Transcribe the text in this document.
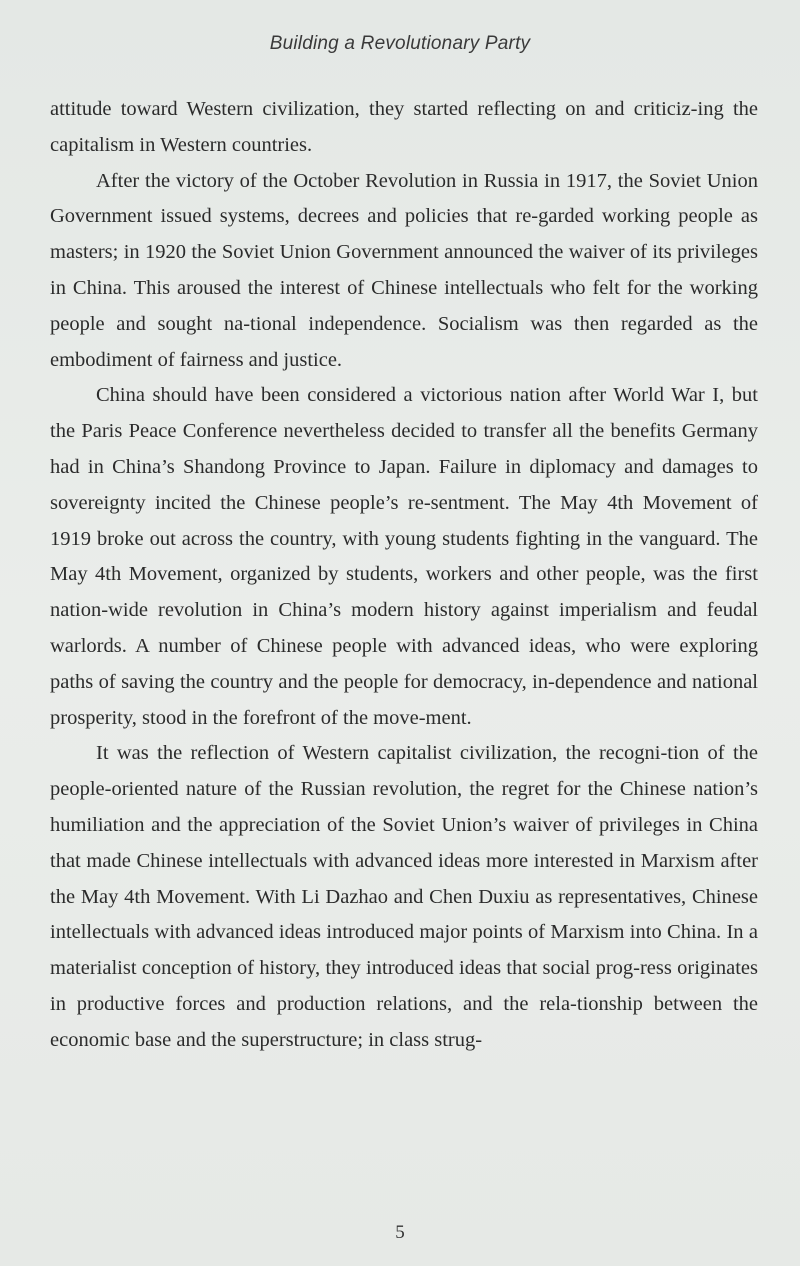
Building a Revolutionary Party

attitude toward Western civilization, they started reflecting on and criticiz-ing the capitalism in Western countries.

After the victory of the October Revolution in Russia in 1917, the Soviet Union Government issued systems, decrees and policies that re-garded working people as masters; in 1920 the Soviet Union Government announced the waiver of its privileges in China. This aroused the interest of Chinese intellectuals who felt for the working people and sought na-tional independence. Socialism was then regarded as the embodiment of fairness and justice.

China should have been considered a victorious nation after World War I, but the Paris Peace Conference nevertheless decided to transfer all the benefits Germany had in China’s Shandong Province to Japan. Failure in diplomacy and damages to sovereignty incited the Chinese people’s re-sentment. The May 4th Movement of 1919 broke out across the country, with young students fighting in the vanguard. The May 4th Movement, organized by students, workers and other people, was the first nation-wide revolution in China’s modern history against imperialism and feudal warlords. A number of Chinese people with advanced ideas, who were exploring paths of saving the country and the people for democracy, in-dependence and national prosperity, stood in the forefront of the move-ment.

It was the reflection of Western capitalist civilization, the recogni-tion of the people-oriented nature of the Russian revolution, the regret for the Chinese nation’s humiliation and the appreciation of the Soviet Union’s waiver of privileges in China that made Chinese intellectuals with advanced ideas more interested in Marxism after the May 4th Movement. With Li Dazhao and Chen Duxiu as representatives, Chinese intellectuals with advanced ideas introduced major points of Marxism into China. In a materialist conception of history, they introduced ideas that social prog-ress originates in productive forces and production relations, and the rela-tionship between the economic base and the superstructure; in class strug-

5
